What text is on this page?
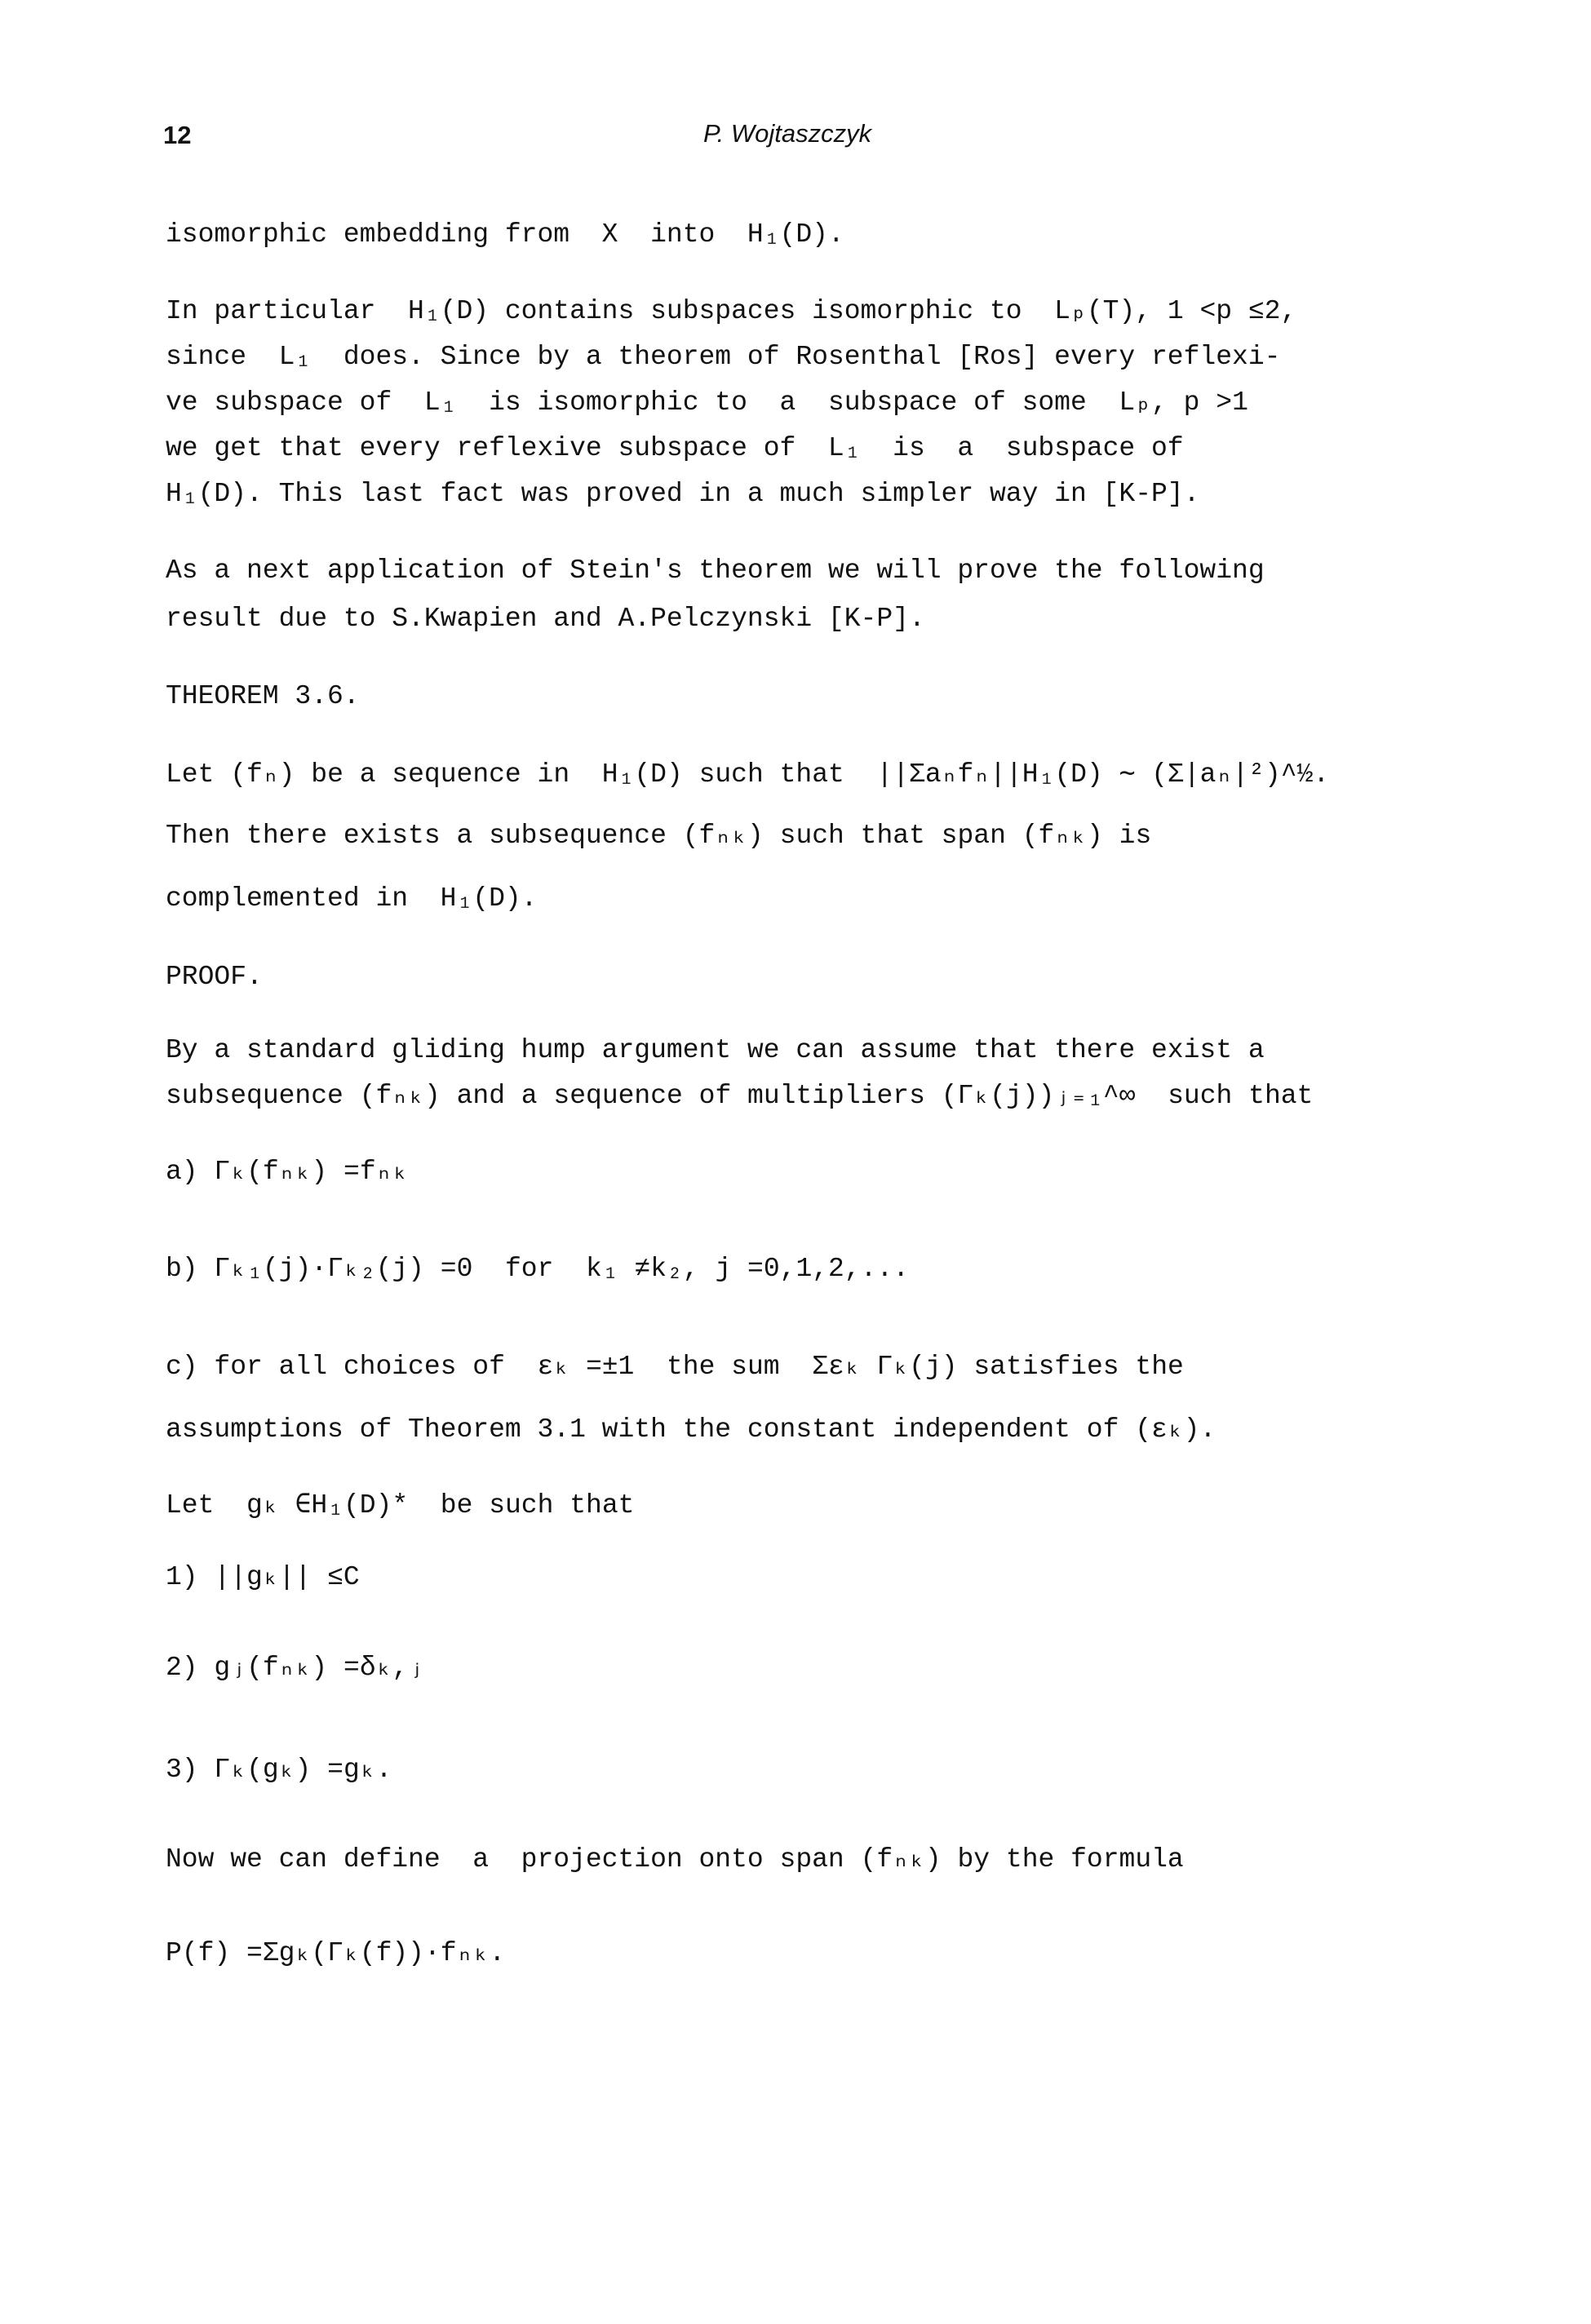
12	P. Wojtaszczyk
isomorphic embedding from  X  into  H₁(D).
In particular  H₁(D) contains subspaces isomorphic to  Lₚ(T), 1 <p ≤2,
since  L₁  does. Since by a theorem of Rosenthal [Ros] every reflexi-
ve subspace of  L₁  is isomorphic to  a  subspace of some  Lₚ, p >1
we get that every reflexive subspace of  L₁  is  a  subspace of
H₁(D). This last fact was proved in a much simpler way in [K-P].
As a next application of Stein's theorem we will prove the following
result due to S.Kwapien and A.Pelczynski [K-P].
THEOREM 3.6.
Let (fₙ) be a sequence in  H₁(D) such that  ||Σaₙfₙ||H₁(D) ∼ (Σ|aₙ|²)^½.
Then there exists a subsequence (fₙₖ) such that span (fₙₖ) is
complemented in  H₁(D).
PROOF.
By a standard gliding hump argument we can assume that there exist a
subsequence (fₙₖ) and a sequence of multipliers (Γₖ(j))ⱼ₌₁^∞  such that
a) Γₖ(fₙₖ) =fₙₖ
b) Γₖ₁(j)·Γₖ₂(j) =0  for  k₁ ≠k₂, j =0,1,2,...
c) for all choices of  εₖ =±1  the sum  Σεₖ Γₖ(j) satisfies the
assumptions of Theorem 3.1 with the constant independent of (εₖ).
Let  gₖ ∈H₁(D)*  be such that
1) ||gₖ|| ≤C
2) gⱼ(fₙₖ) =δₖ,ⱼ
3) Γₖ(gₖ) =gₖ.
Now we can define  a  projection onto span (fₙₖ) by the formula
P(f) =Σgₖ(Γₖ(f))·fₙₖ.
